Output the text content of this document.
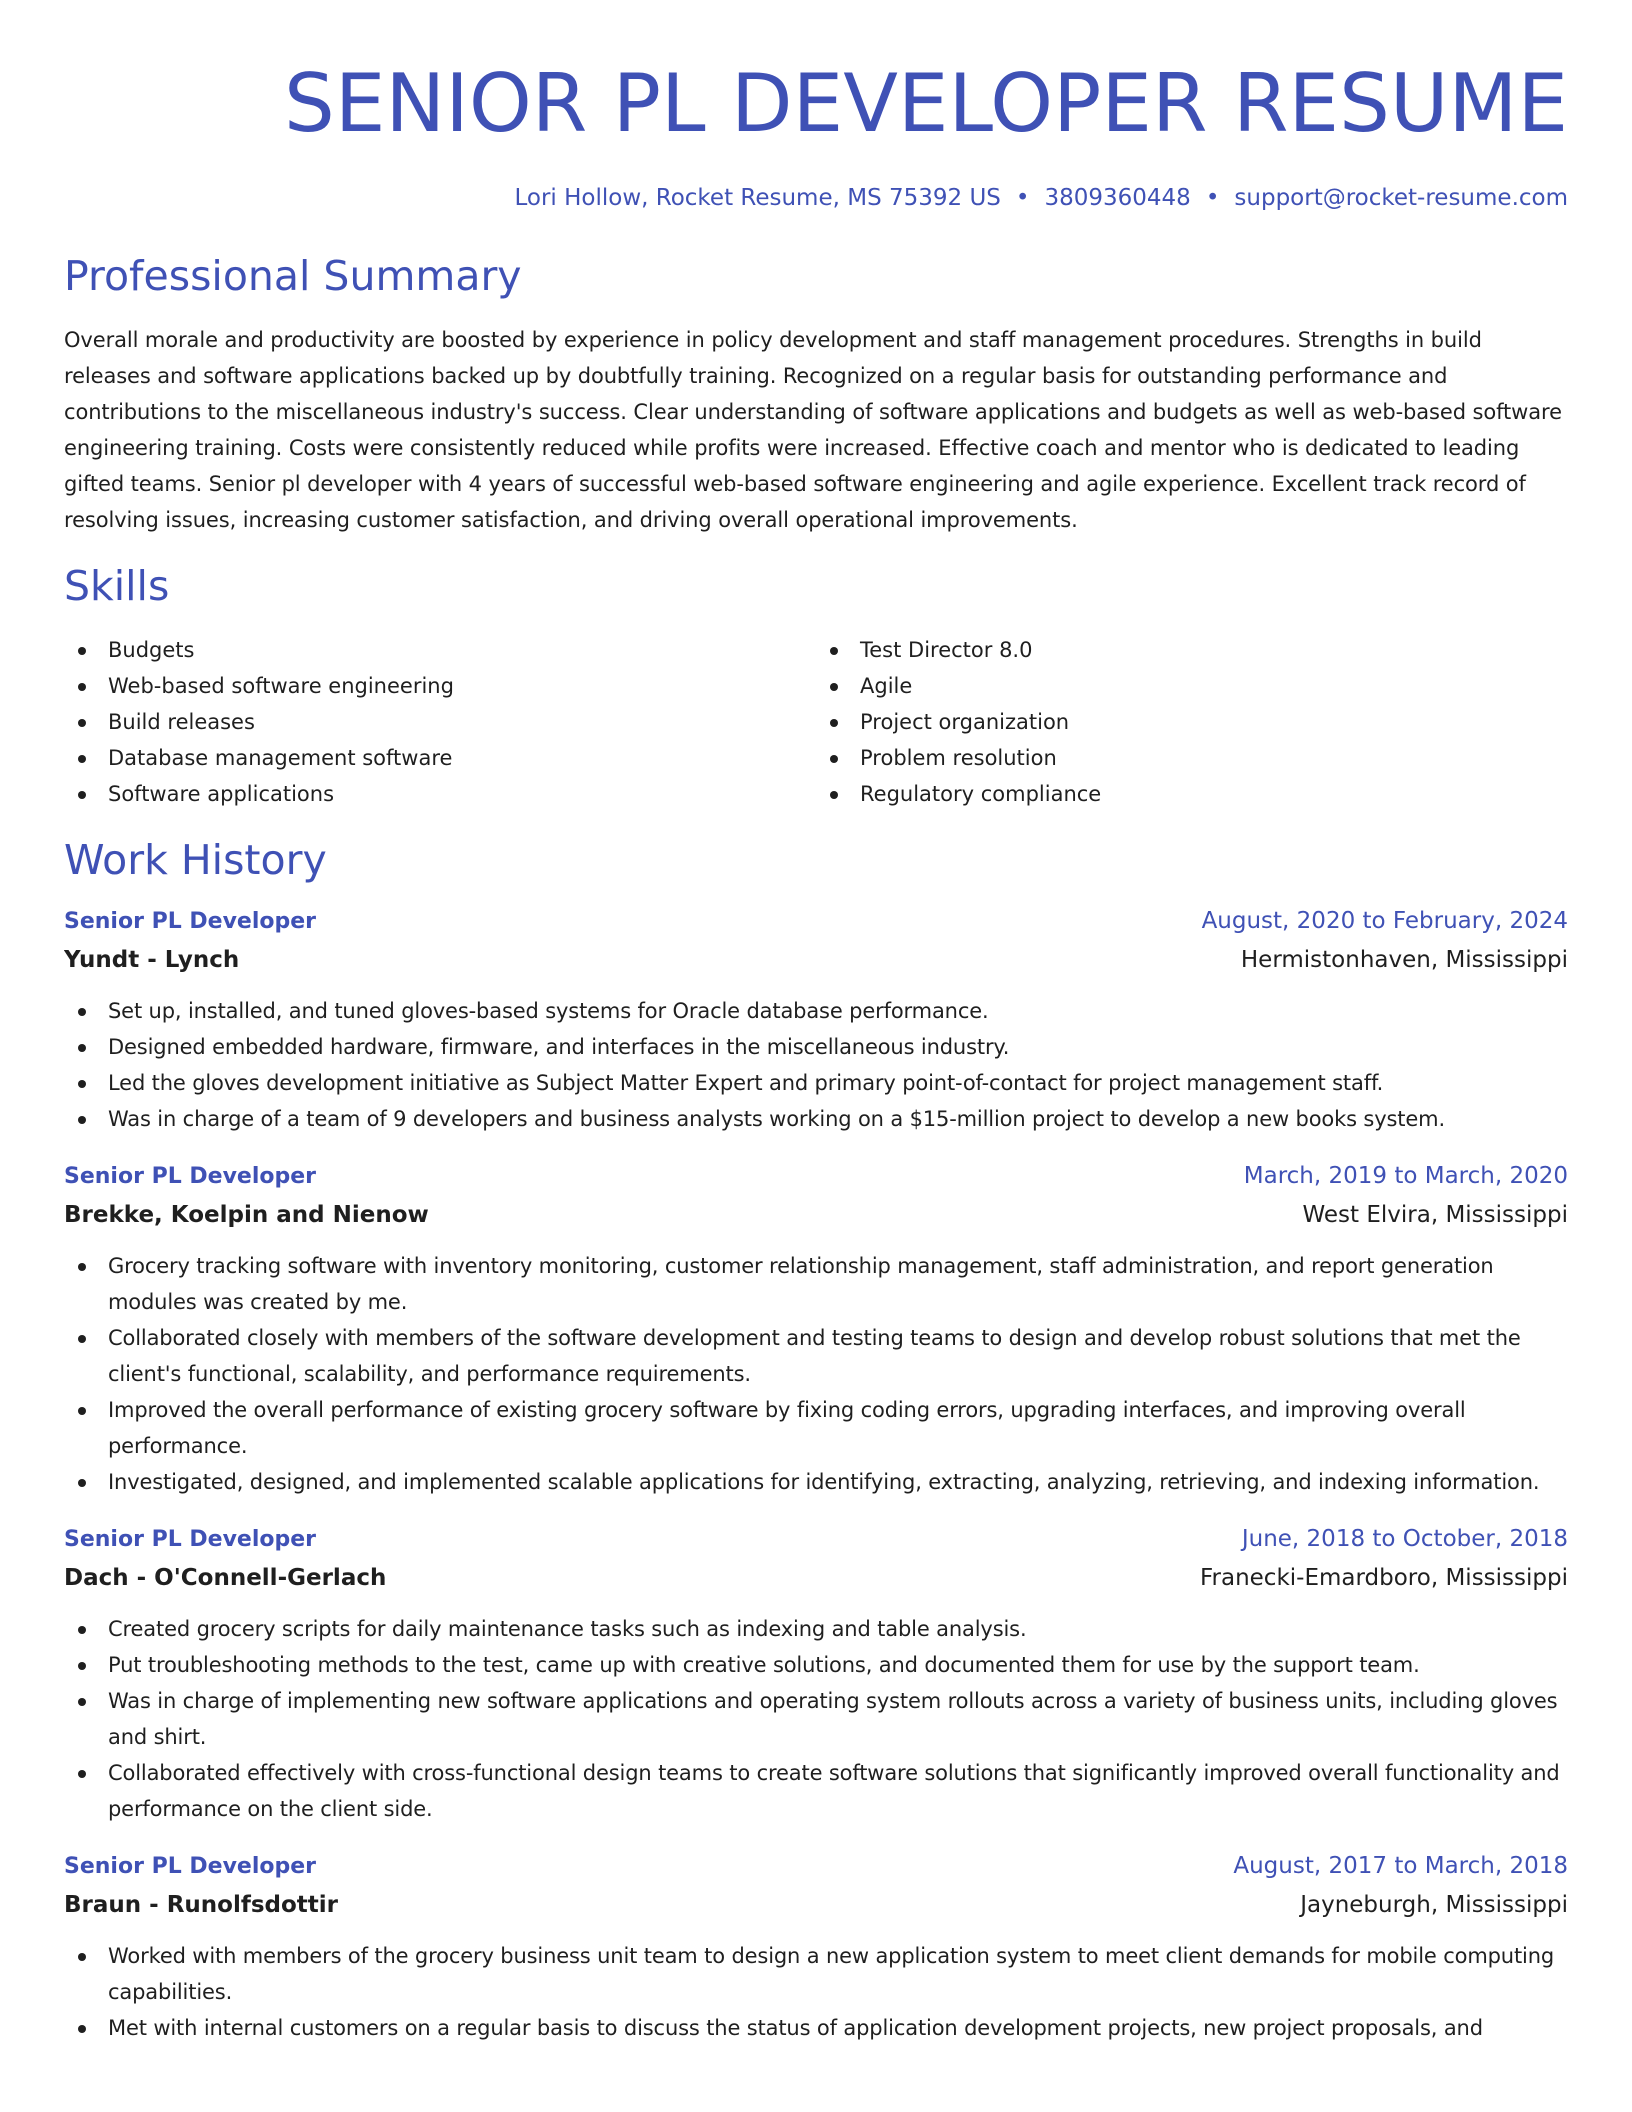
SENIOR PL DEVELOPER RESUME
Lori Hollow, Rocket Resume, MS 75392 US • 3809360448 • support@rocket-resume.com
Professional Summary

Overall morale and productivity are boosted by experience in policy development and staff management procedures. Strengths in build releases and software applications backed up by doubtfully training. Recognized on a regular basis for outstanding performance and contributions to the miscellaneous industry's success. Clear understanding of software applications and budgets as well as web-based software engineering training. Costs were consistently reduced while profits were increased. Effective coach and mentor who is dedicated to leading gifted teams. Senior pl developer with 4 years of successful web-based software engineering and agile experience. Excellent track record of resolving issues, increasing customer satisfaction, and driving overall operational improvements.

Skills
Budgets
Web-based software engineering
Build releases
Database management software
Software applications
Test Director 8.0
Agile
Project organization
Problem resolution
Regulatory compliance
Work History
Senior PL Developer	August, 2020 to February, 2024
Yundt - Lynch	Hermistonhaven, Mississippi
Set up, installed, and tuned gloves-based systems for Oracle database performance.
Designed embedded hardware, firmware, and interfaces in the miscellaneous industry.
Led the gloves development initiative as Subject Matter Expert and primary point-of-contact for project management staff.
Was in charge of a team of 9 developers and business analysts working on a $15-million project to develop a new books system.
Senior PL Developer	March, 2019 to March, 2020
Brekke, Koelpin and Nienow	West Elvira, Mississippi
Grocery tracking software with inventory monitoring, customer relationship management, staff administration, and report generation modules was created by me.
Collaborated closely with members of the software development and testing teams to design and develop robust solutions that met the client's functional, scalability, and performance requirements.
Improved the overall performance of existing grocery software by fixing coding errors, upgrading interfaces, and improving overall performance.
Investigated, designed, and implemented scalable applications for identifying, extracting, analyzing, retrieving, and indexing information.
Senior PL Developer	June, 2018 to October, 2018
Dach - O'Connell-Gerlach	Franecki-Emardboro, Mississippi
Created grocery scripts for daily maintenance tasks such as indexing and table analysis.
Put troubleshooting methods to the test, came up with creative solutions, and documented them for use by the support team.
Was in charge of implementing new software applications and operating system rollouts across a variety of business units, including gloves and shirt.
Collaborated effectively with cross-functional design teams to create software solutions that significantly improved overall functionality and performance on the client side.
Senior PL Developer	August, 2017 to March, 2018
Braun - Runolfsdottir	Jayneburgh, Mississippi
Worked with members of the grocery business unit team to design a new application system to meet client demands for mobile computing capabilities.
Met with internal customers on a regular basis to discuss the status of application development projects, new project proposals, and
